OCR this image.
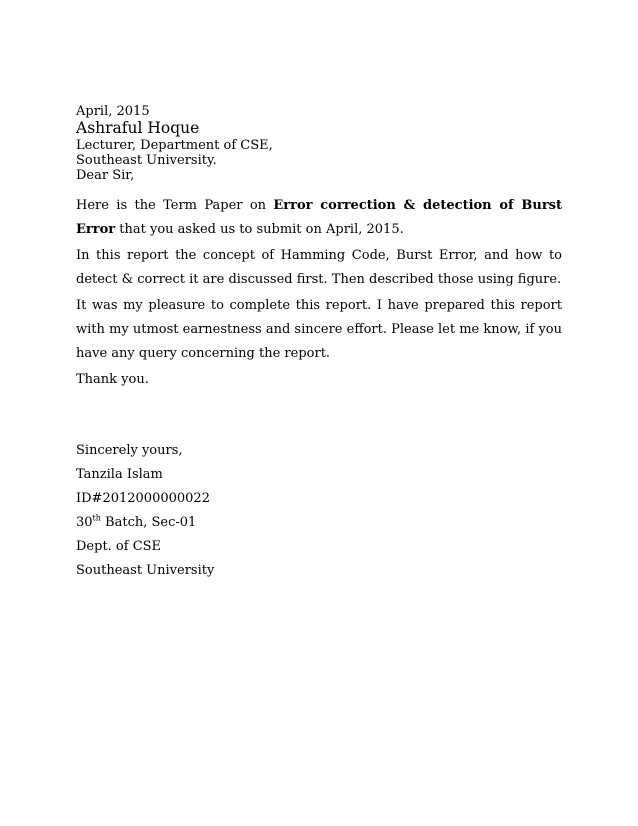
April, 2015

Ashraful Hoque

Lecturer, Department of CSE,

Southeast University.

Dear Sir,

Here is the Term Paper on Error correction & detection of Burst Error that you asked us to submit on April, 2015.

In this report the concept of Hamming Code, Burst Error, and how to detect & correct it are discussed first. Then described those using figure.

It was my pleasure to complete this report. I have prepared this report with my utmost earnestness and sincere effort. Please let me know, if you have any query concerning the report.

Thank you.

Sincerely yours,

Tanzila Islam

ID#2012000000022

30th Batch, Sec-01

Dept. of CSE

Southeast University
